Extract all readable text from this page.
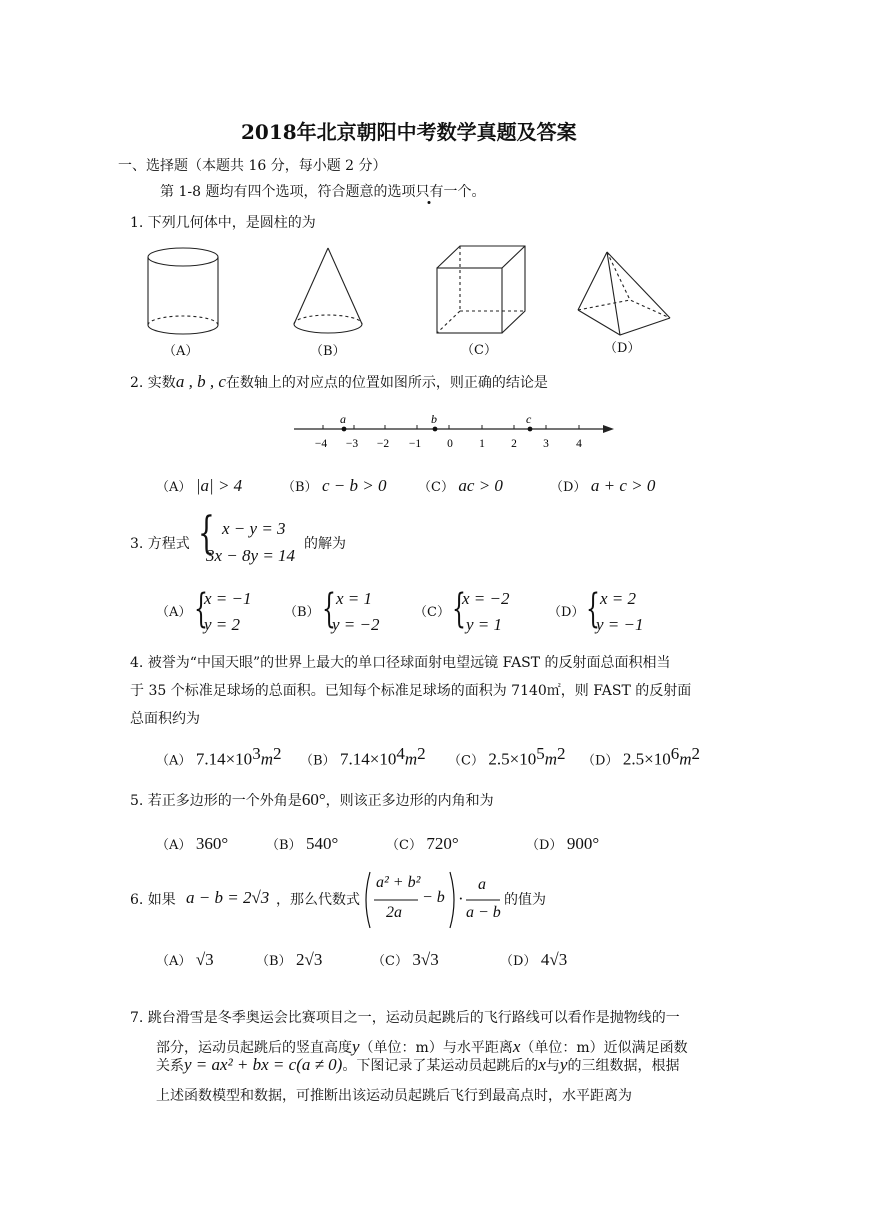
2018年北京朝阳中考数学真题及答案
一、选择题（本题共 16 分，每小题 2 分）
第 1-8 题均有四个选项，符合题意的选项只有一个。
1. 下列几何体中，是圆柱的为
（A）	（B）	（C）	（D）
2. 实数a , b , c在数轴上的对应点的位置如图所示，则正确的结论是
a	b	c
−4 −3 −2 −1 0 1 2 3 4
（A） |a| > 4	（B） c − b > 0 （C） ac > 0	（D） a + c > 0
3. 方程式 { x − y = 3
3x − 8y = 14
的解为
（A） {
x = −1
y = 2
（B） { x = 1
y = −2
（C） {
x = −2
y = 1
（D） { x = 2
y = −1
4. 被誉为“中国天眼”的世界上最大的单口径球面射电望远镜 FAST 的反射面总面积相当
于 35 个标准足球场的总面积。已知每个标准足球场的面积为 7140㎡，则 FAST 的反射面
总面积约为
（A） $7.14\times 10^3m^2$ （B） $7.14\times 10^4m^2$ （C） $2.5\times 10^5m^2$ （D） $2.5\times 10^6m^2$
5. 若正多边形的一个外角是60°，则该正多边形的内角和为
（A） 360°	（B） 540°	（C） 720°	（D） 900°
6. 如果 a − b = 2√3 ，那么代数式
a² + b²
2a
− b ·
a
a − b
的值为
（A） √3	（B） 2√3	（C） 3√3	（D） 4√3
7. 跳台滑雪是冬季奥运会比赛项目之一，运动员起跳后的飞行路线可以看作是抛物线的一
部分，运动员起跳后的竖直高度y（单位：m）与水平距离x（单位：m）近似满足函数
关系y = ax² + bx = c(a ≠ 0)。下图记录了某运动员起跳后的x与y的三组数据，根据
上述函数模型和数据，可推断出该运动员起跳后飞行到最高点时，水平距离为
